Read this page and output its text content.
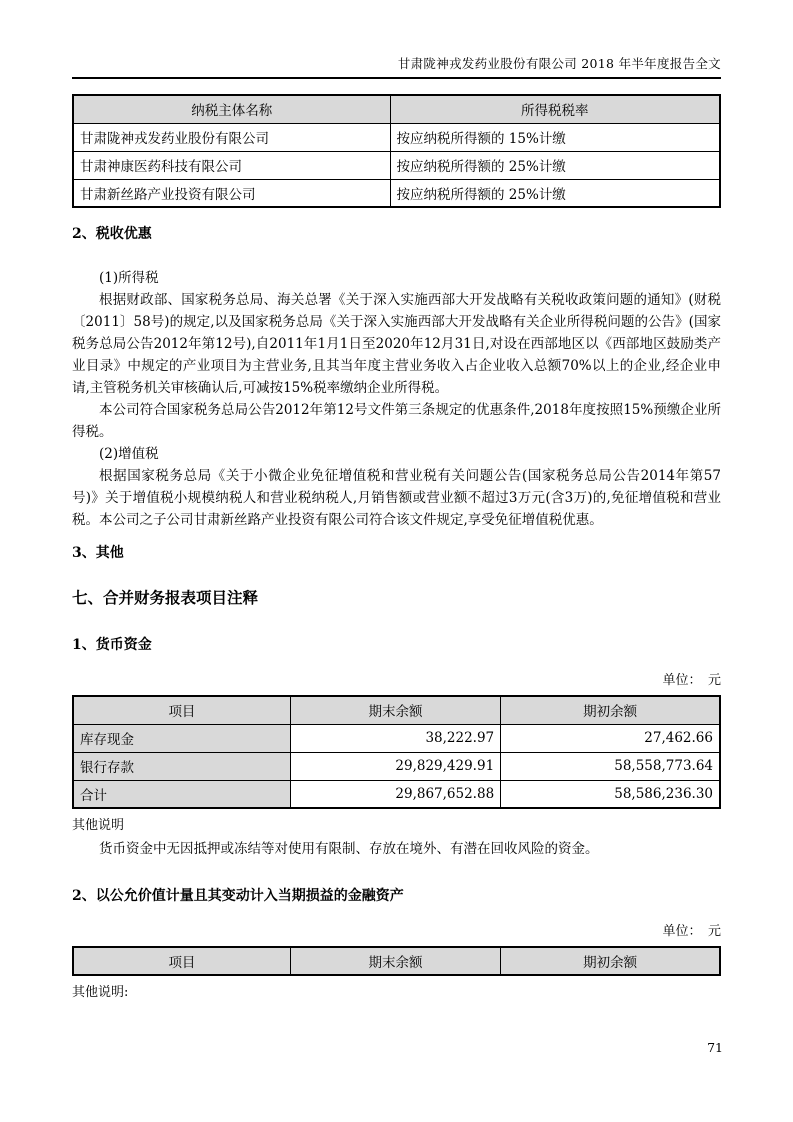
甘肃陇神戎发药业股份有限公司 2018 年半年度报告全文
纳税主体名称	所得税税率
甘肃陇神戎发药业股份有限公司	按应纳税所得额的 15%计缴
甘肃神康医药科技有限公司	按应纳税所得额的 25%计缴
甘肃新丝路产业投资有限公司	按应纳税所得额的 25%计缴
2、税收优惠
(1)所得税

根据财政部、国家税务总局、海关总署《关于深入实施西部大开发战略有关税收政策问题的通知》(财税〔2011〕58号)的规定,以及国家税务总局《关于深入实施西部大开发战略有关企业所得税问题的公告》(国家税务总局公告2012年第12号),自2011年1月1日至2020年12月31日,对设在西部地区以《西部地区鼓励类产业目录》中规定的产业项目为主营业务,且其当年度主营业务收入占企业收入总额70%以上的企业,经企业申请,主管税务机关审核确认后,可减按15%税率缴纳企业所得税。

本公司符合国家税务总局公告2012年第12号文件第三条规定的优惠条件,2018年度按照15%预缴企业所得税。

(2)增值税

根据国家税务总局《关于小微企业免征增值税和营业税有关问题公告(国家税务总局公告2014年第57号)》关于增值税小规模纳税人和营业税纳税人,月销售额或营业额不超过3万元(含3万)的,免征增值税和营业税。本公司之子公司甘肃新丝路产业投资有限公司符合该文件规定,享受免征增值税优惠。

3、其他
七、合并财务报表项目注释
1、货币资金
单位：　元
项目	期末余额	期初余额
库存现金	38,222.97	27,462.66
银行存款	29,829,429.91	58,558,773.64
合计	29,867,652.88	58,586,236.30
其他说明

货币资金中无因抵押或冻结等对使用有限制、存放在境外、有潜在回收风险的资金。

2、以公允价值计量且其变动计入当期损益的金融资产
单位：　元
项目	期末余额	期初余额
其他说明:
71
